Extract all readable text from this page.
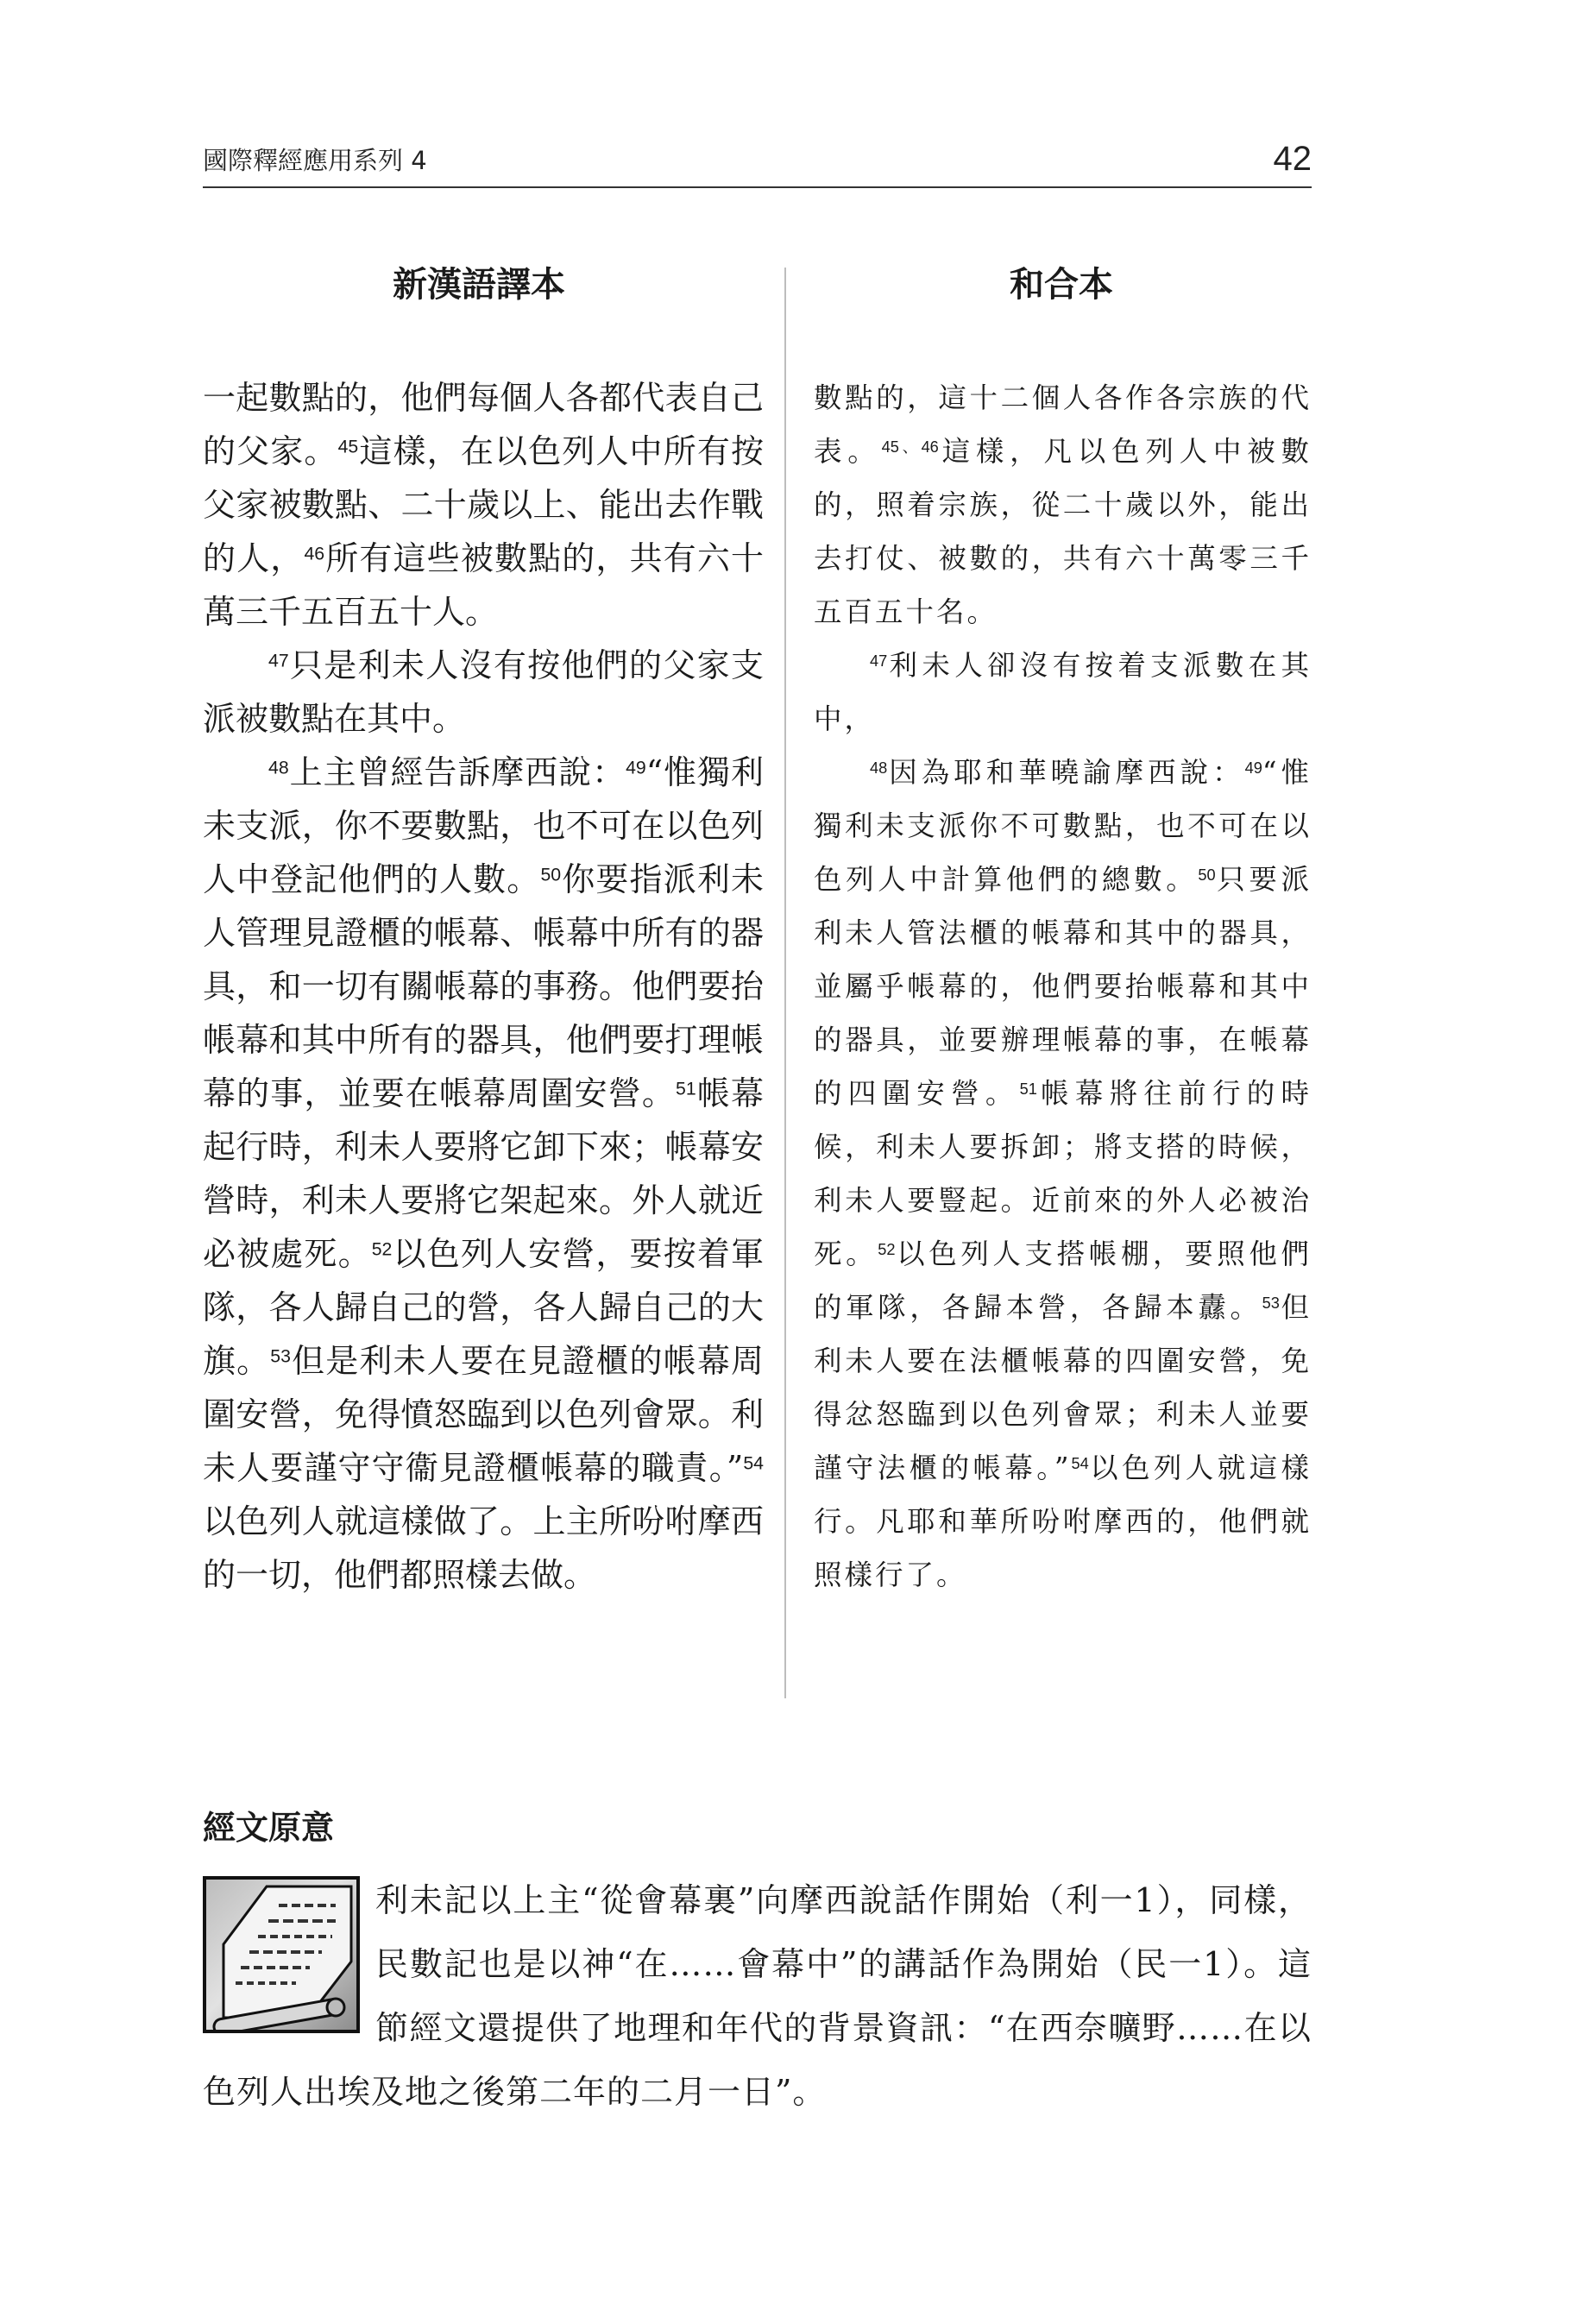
國際釋經應用系列 4	42
新漢語譯本	和合本

一起數點的，他們每個人各都代表自己的父家。$^{45}$這樣，在以色列人中所有按父家被數點、二十歲以上、能出去作戰的人，$^{46}$所有這些被數點的，共有六十萬三千五百五十人。

$^{47}$只是利未人沒有按他們的父家支派被數點在其中。

$^{48}$上主曾經告訴摩西說：$^{49}$“惟獨利未支派，你不要數點，也不可在以色列人中登記他們的人數。$^{50}$你要指派利未人管理見證櫃的帳幕、帳幕中所有的器具，和一切有關帳幕的事務。他們要抬帳幕和其中所有的器具，他們要打理帳幕的事，並要在帳幕周圍安營。$^{51}$帳幕起行時，利未人要將它卸下來；帳幕安營時，利未人要將它架起來。外人就近必被處死。$^{52}$以色列人安營，要按着軍隊，各人歸自己的營，各人歸自己的大旗。$^{53}$但是利未人要在見證櫃的帳幕周圍安營，免得憤怒臨到以色列會眾。利未人要謹守守衞見證櫃帳幕的職責。”$^{54}$以色列人就這樣做了。上主所吩咐摩西的一切，他們都照樣去做。

數點的，這十二個人各作各宗族的代表。$^{45、46}$這樣，凡以色列人中被數的，照着宗族，從二十歲以外，能出去打仗、被數的，共有六十萬零三千五百五十名。

$^{47}$利未人卻沒有按着支派數在其中，

$^{48}$因為耶和華曉諭摩西說：$^{49}$“惟獨利未支派你不可數點，也不可在以色列人中計算他們的總數。$^{50}$只要派利未人管法櫃的帳幕和其中的器具，並屬乎帳幕的，他們要抬帳幕和其中的器具，並要辦理帳幕的事，在帳幕的四圍安營。$^{51}$帳幕將往前行的時候，利未人要拆卸；將支搭的時候，利未人要豎起。近前來的外人必被治死。$^{52}$以色列人支搭帳棚，要照他們的軍隊，各歸本營，各歸本纛。$^{53}$但利未人要在法櫃帳幕的四圍安營，免得忿怒臨到以色列會眾；利未人並要謹守法櫃的帳幕。”$^{54}$以色列人就這樣行。凡耶和華所吩咐摩西的，他們就照樣行了。

經文原意

利未記以上主“從會幕裏”向摩西說話作開始（利一1），同樣，民數記也是以神“在……會幕中”的講話作為開始（民一1）。這節經文還提供了地理和年代的背景資訊：“在西奈曠野……在以色列人出埃及地之後第二年的二月一日”。
